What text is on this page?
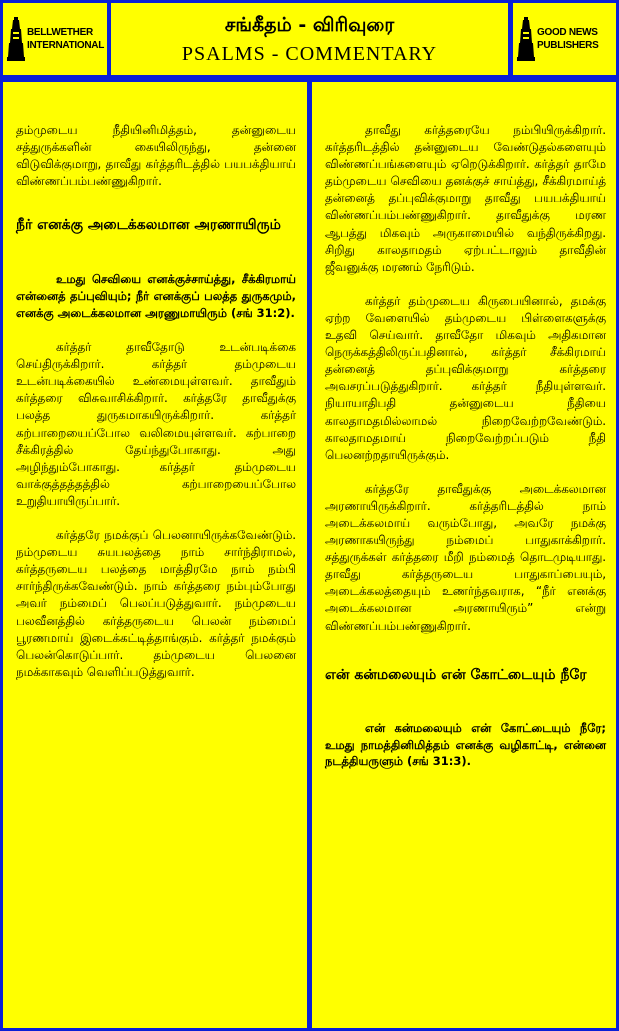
BELLWETHER
INTERNATIONAL
சங்கீதம் - விரிவுரை
PSALMS - COMMENTARY
GOOD NEWS
PUBLISHERS

தம்முடைய நீதியினிமித்தம், தன்னுடைய சத்துருக்களின் கையிலிருந்து, தன்னை விடுவிக்குமாறு, தாவீது கர்த்தரிடத்தில் பயபக்தியாய் விண்ணப்பம்பண்ணுகிறார்.

நீர் எனக்கு அடைக்கலமான அரணாயிரும்

உமது செவியை எனக்குச்சாய்த்து, சீக்கிரமாய் என்னைத் தப்புவியும்; நீர் எனக்குப் பலத்த துருகமும், எனக்கு அடைக்கலமான அரணுமாயிரும் (சங் 31:2).

கர்த்தர் தாவீதோடு உடன்படிக்கை செய்திருக்கிறார். கர்த்தர் தம்முடைய உடன்படிக்கையில் உண்மையுள்ளவர். தாவீதும் கர்த்தரை விசுவாசிக்கிறார். கர்த்தரே தாவீதுக்கு பலத்த துருகமாகயிருக்கிறார். கர்த்தர் கற்பாறையைப்போல வலிமையுள்ளவர். கற்பாறை சீக்கிரத்தில் தேய்ந்துபோகாது. அது அழிந்தும்போகாது. கர்த்தர் தம்முடைய வாக்குத்தத்தத்தில் கற்பாறையைப்போல உறுதியாயிருப்பார்.

கர்த்தரே நமக்குப் பெலனாயிருக்கவேண்டும். நம்முடைய சுயபலத்தை நாம் சார்ந்திராமல், கர்த்தருடைய பலத்தை மாத்திரமே நாம் நம்பி சார்ந்திருக்கவேண்டும். நாம் கர்த்தரை நம்பும்போது அவர் நம்மைப் பெலப்படுத்துவார். நம்முடைய பலவீனத்தில் கர்த்தருடைய பெலன் நம்மைப் பூரணமாய் இடைக்கட்டித்தாங்கும். கர்த்தர் நமக்கும் பெலன்கொடுப்பார். தம்முடைய பெலனை நமக்காகவும் வெளிப்படுத்துவார்.

தாவீது கர்த்தரையே நம்பியிருக்கிறார். கர்த்தரிடத்தில் தன்னுடைய வேண்டுதல்களையும் விண்ணப்பங்களையும் ஏறெடுக்கிறார். கர்த்தர் தாமே தம்முடைய செவியை தனக்குச் சாய்த்து, சீக்கிரமாய்த் தன்னைத் தப்புவிக்குமாறு தாவீது பயபக்தியாய் விண்ணப்பம்பண்ணுகிறார். தாவீதுக்கு மரண ஆபத்து மிகவும் அருகாமையில் வந்திருக்கிறது. சிறிது காலதாமதம் ஏற்பட்டாலும் தாவீதின் ஜீவனுக்கு மரணம் நேரிடும்.

கர்த்தர் தம்முடைய கிருபையினால், தமக்கு ஏற்ற வேளையில் தம்முடைய பிள்ளைகளுக்கு உதவி செய்வார். தாவீதோ மிகவும் அதிகமான நெருக்கத்திலிருப்பதினால், கர்த்தர் சீக்கிரமாய் தன்னைத் தப்புவிக்குமாறு கர்த்தரை அவசரப்படுத்துகிறார். கர்த்தர் நீதியுள்ளவர். நியாயாதிபதி தன்னுடைய நீதியை காலதாமதமில்லாமல் நிறைவேற்றவேண்டும். காலதாமதமாய் நிறைவேற்றப்படும் நீதி பெலனற்றதாயிருக்கும்.

கர்த்தரே தாவீதுக்கு அடைக்கலமான அரணாயிருக்கிறார். கர்த்தரிடத்தில் நாம் அடைக்கலமாய் வரும்போது, அவரே நமக்கு அரணாகயிருந்து நம்மைப் பாதுகாக்கிறார். சத்துருக்கள் கர்த்தரை மீறி நம்மைத் தொடமுடியாது. தாவீது கர்த்தருடைய பாதுகாப்பையும், அடைக்கலத்தையும் உணர்ந்தவராக, “நீர் எனக்கு அடைக்கலமான அரணாயிரும்” என்று விண்ணப்பம்பண்ணுகிறார்.

என் கன்மலையும் என் கோட்டையும் நீரே

என் கன்மலையும் என் கோட்டையும் நீரே; உமது நாமத்தினிமித்தம் எனக்கு வழிகாட்டி, என்னை நடத்தியருளும் (சங் 31:3).
